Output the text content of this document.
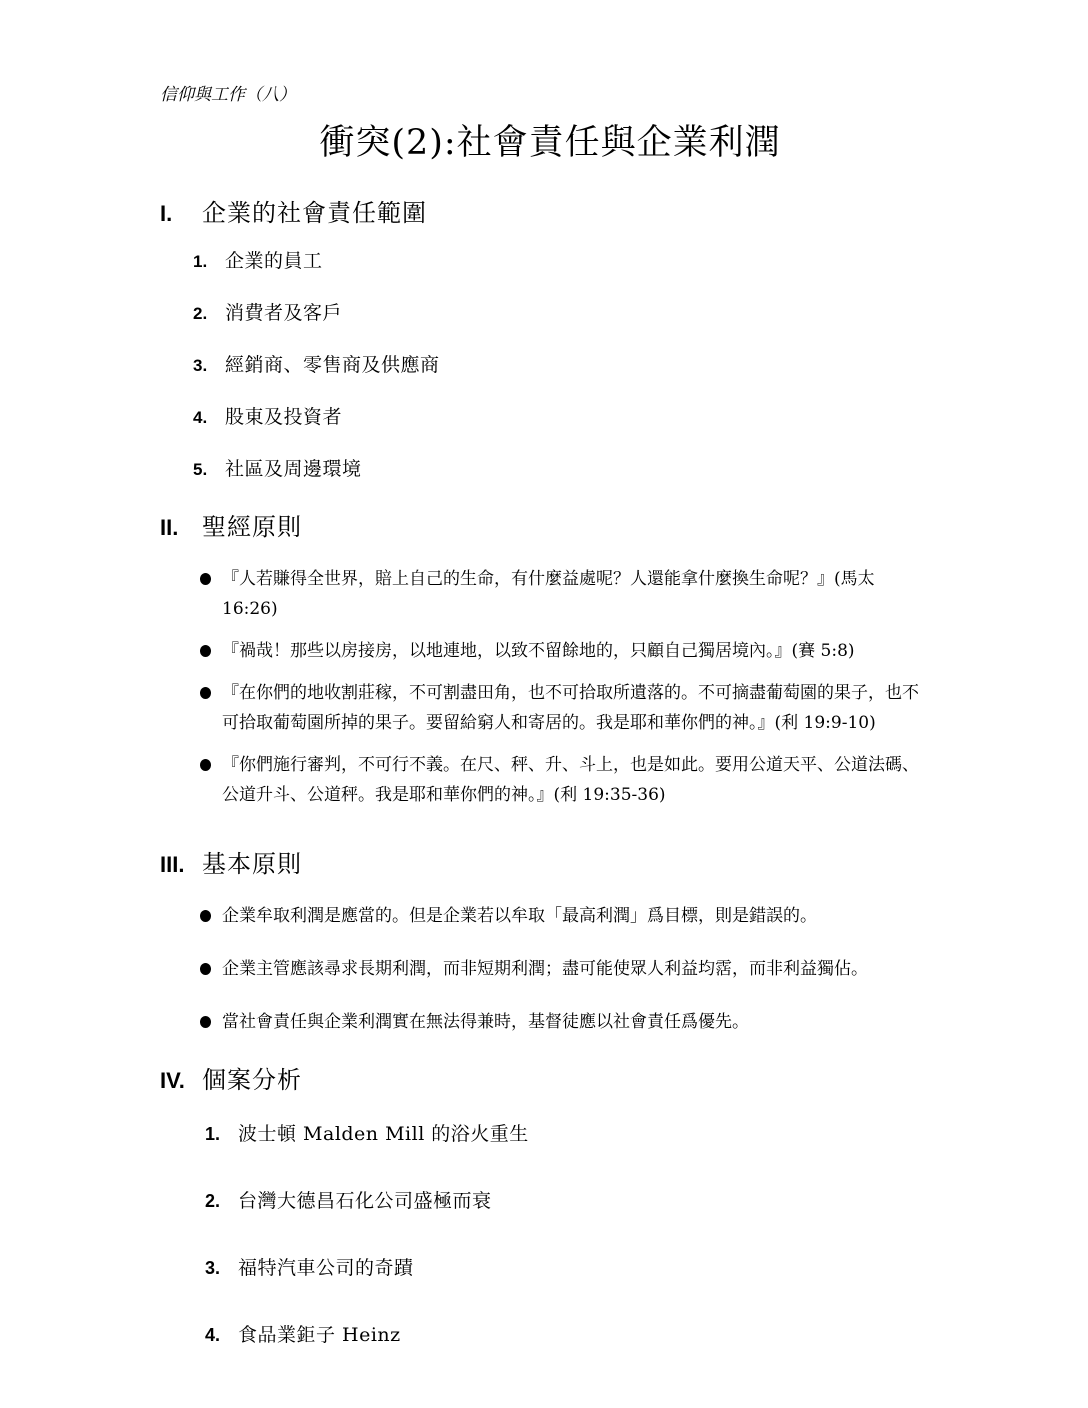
信仰與工作（八）
衝突(2):社會責任與企業利潤
I.	企業的社會責任範圍
1. 企業的員工
2. 消費者及客戶
3. 經銷商、零售商及供應商
4. 股東及投資者
5. 社區及周邊環境
II. 聖經原則
『人若賺得全世界，賠上自己的生命，有什麼益處呢？人還能拿什麼換生命呢？』(馬太 16:26)
『禍哉！那些以房接房，以地連地，以致不留餘地的，只顧自己獨居境內。』(賽 5:8)
『在你們的地收割莊稼，不可割盡田角，也不可拾取所遺落的。不可摘盡葡萄園的果子，也不可拾取葡萄園所掉的果子。要留給窮人和寄居的。我是耶和華你們的神。』(利 19:9-10)
『你們施行審判，不可行不義。在尺、秤、升、斗上，也是如此。要用公道天平、公道法碼、公道升斗、公道秤。我是耶和華你們的神。』(利 19:35-36)
III. 基本原則
企業牟取利潤是應當的。但是企業若以牟取「最高利潤」爲目標，則是錯誤的。
企業主管應該尋求長期利潤，而非短期利潤；盡可能使眾人利益均霑，而非利益獨佔。
當社會責任與企業利潤實在無法得兼時，基督徒應以社會責任爲優先。
IV. 個案分析
1. 波士頓 Malden Mill 的浴火重生
2. 台灣大德昌石化公司盛極而衰
3. 福特汽車公司的奇蹟
4. 食品業鉅子 Heinz
